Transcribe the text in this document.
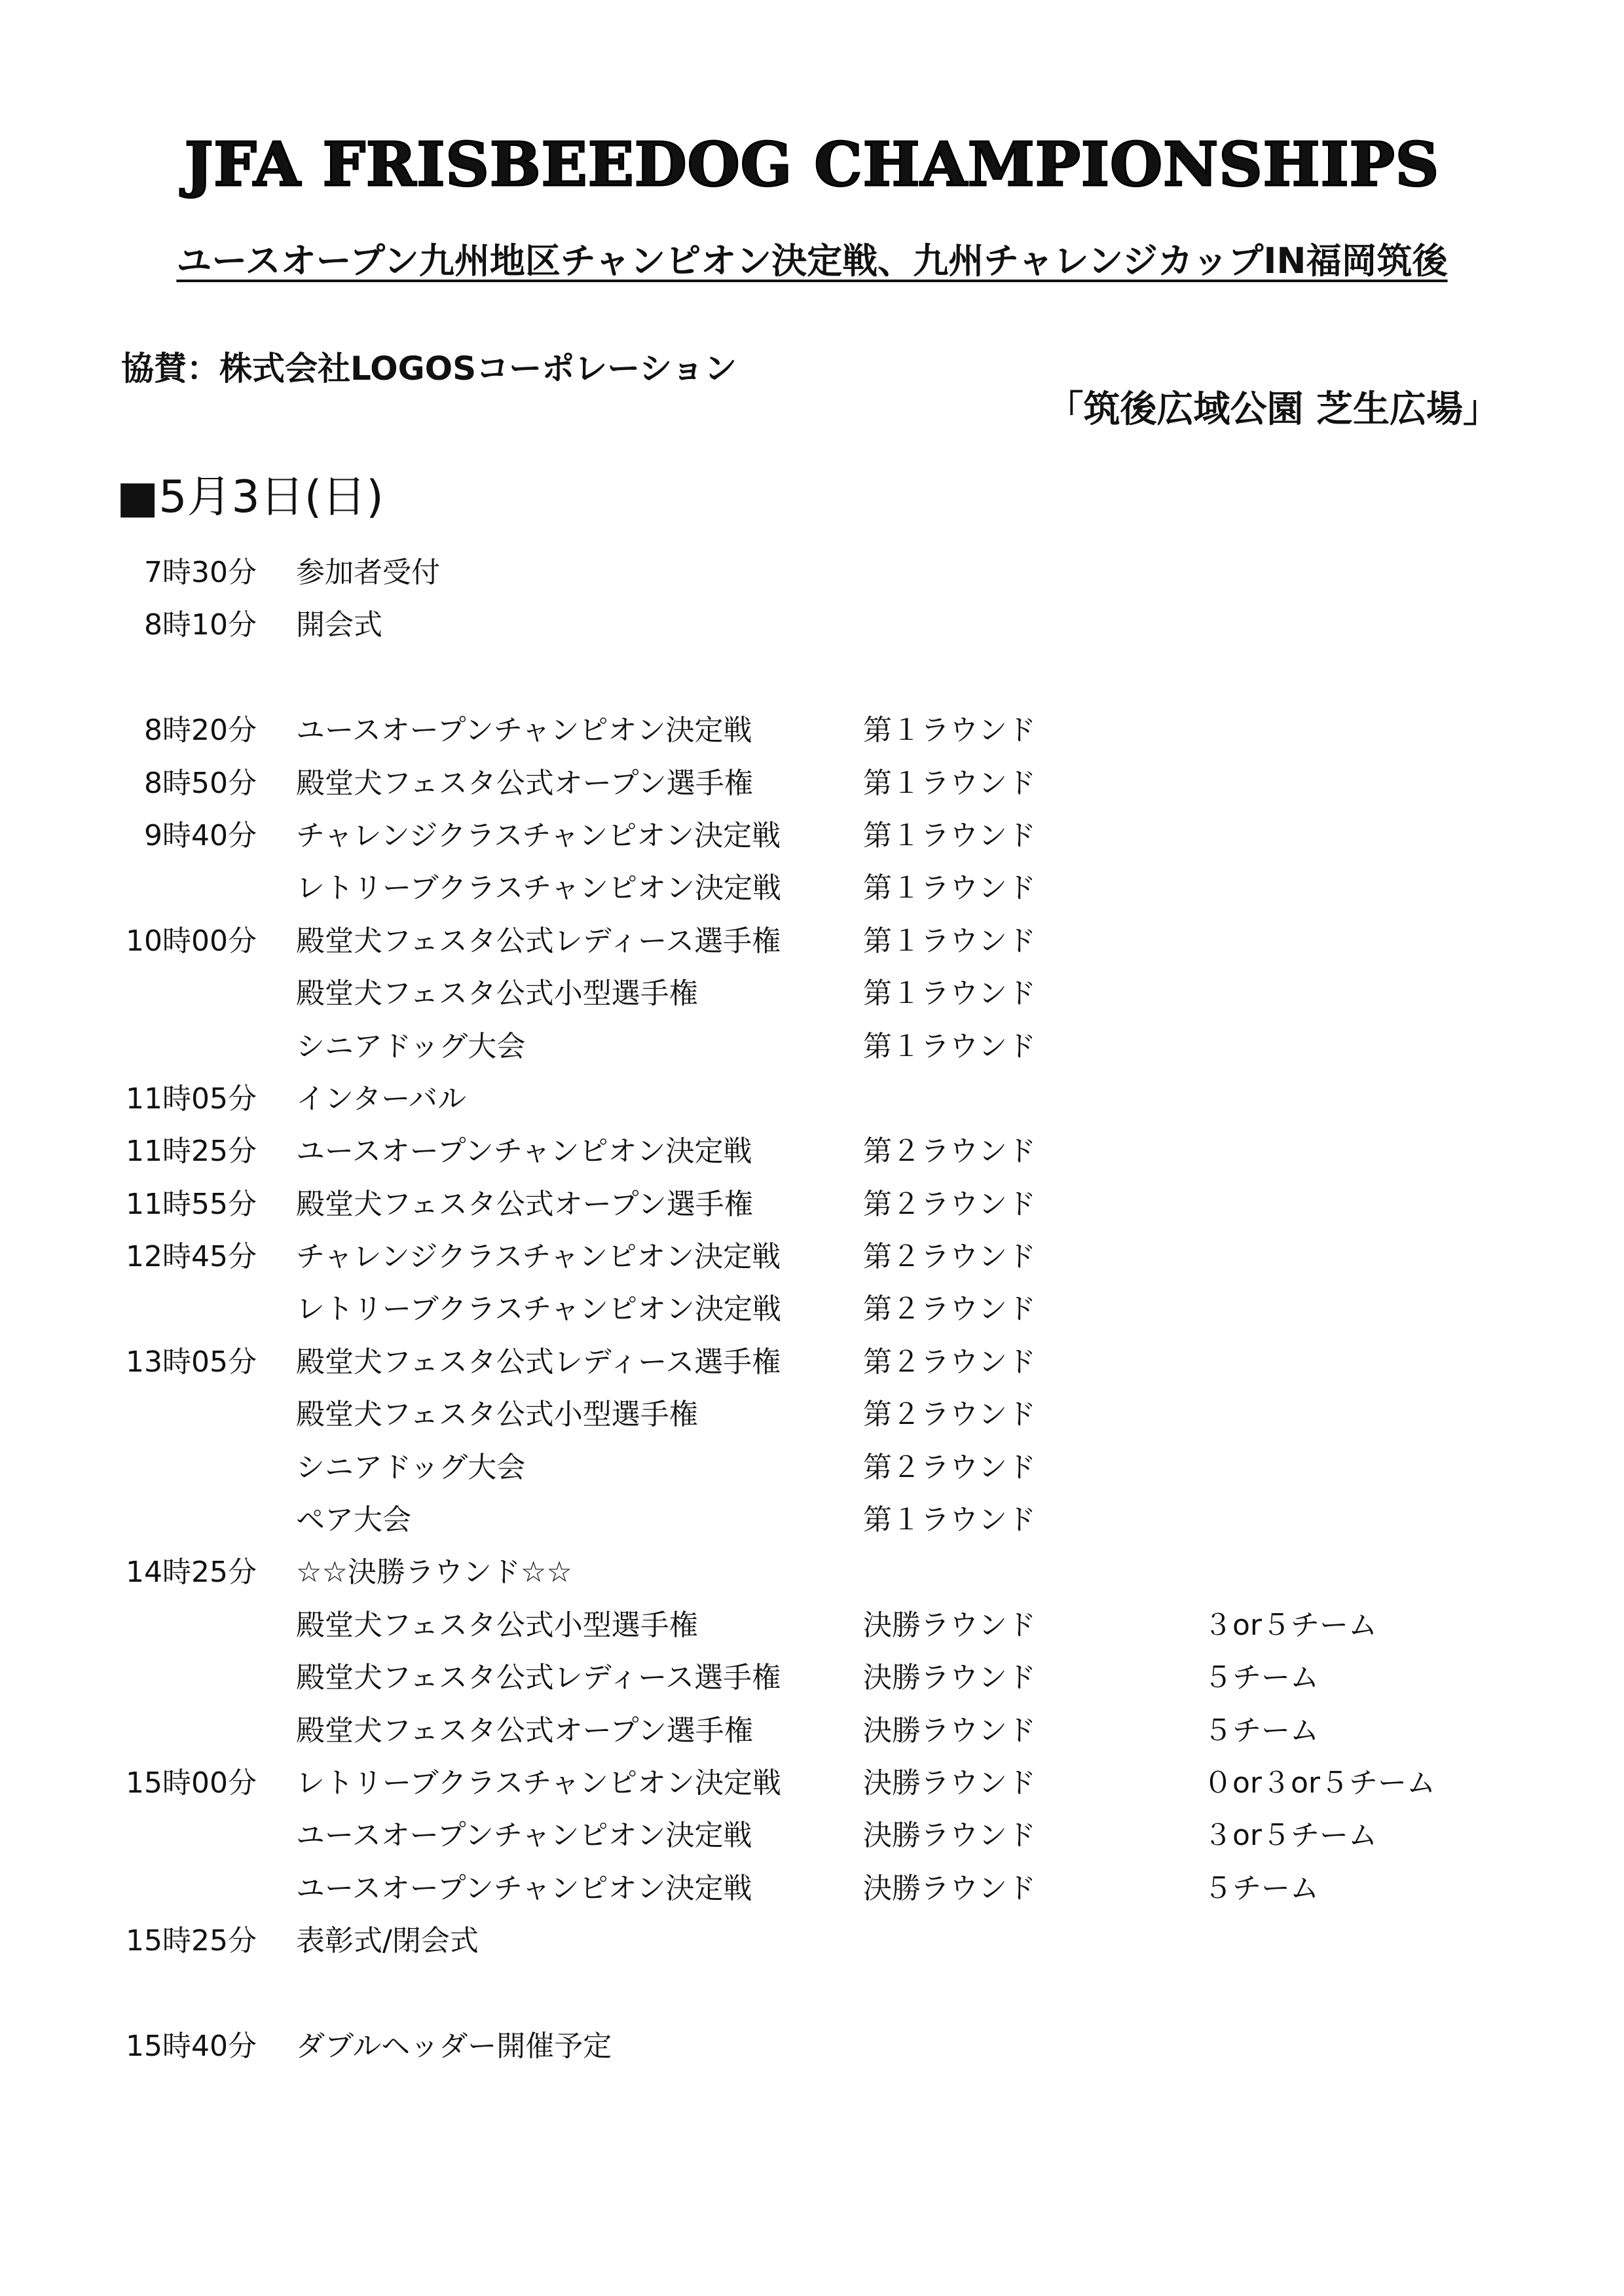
JFA FRISBEEDOG CHAMPIONSHIPS

ユースオープン九州地区チャンピオン決定戦、九州チャレンジカップIN福岡筑後

協賛：株式会社LOGOSコーポレーション

「筑後広域公園 芝生広場」

■5月3日(日)
7時30分 参加者受付
8時10分 開会式
8時20分 ユースオープンチャンピオン決定戦	第１ラウンド
8時50分 殿堂犬フェスタ公式オープン選手権	第１ラウンド
9時40分 チャレンジクラスチャンピオン決定戦	第１ラウンド
レトリーブクラスチャンピオン決定戦	第１ラウンド
10時00分 殿堂犬フェスタ公式レディース選手権	第１ラウンド
殿堂犬フェスタ公式小型選手権	第１ラウンド
シニアドッグ大会	第１ラウンド
11時05分 インターバル
11時25分 ユースオープンチャンピオン決定戦	第２ラウンド
11時55分 殿堂犬フェスタ公式オープン選手権	第２ラウンド
12時45分 チャレンジクラスチャンピオン決定戦	第２ラウンド
レトリーブクラスチャンピオン決定戦	第２ラウンド
13時05分 殿堂犬フェスタ公式レディース選手権	第２ラウンド
殿堂犬フェスタ公式小型選手権	第２ラウンド
シニアドッグ大会	第２ラウンド
ペア大会	第１ラウンド
14時25分 ☆☆決勝ラウンド☆☆
殿堂犬フェスタ公式小型選手権	決勝ラウンド	３or５チーム
殿堂犬フェスタ公式レディース選手権	決勝ラウンド	５チーム
殿堂犬フェスタ公式オープン選手権	決勝ラウンド	５チーム
15時00分 レトリーブクラスチャンピオン決定戦	決勝ラウンド	０or３or５チーム
ユースオープンチャンピオン決定戦	決勝ラウンド	３or５チーム
ユースオープンチャンピオン決定戦	決勝ラウンド	５チーム
15時25分 表彰式/閉会式
15時40分 ダブルヘッダー開催予定
